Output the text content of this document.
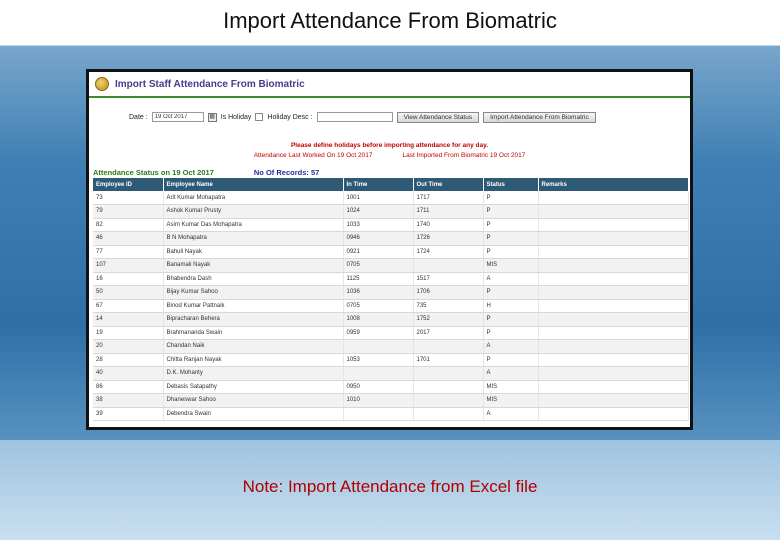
Import Attendance From Biomatric
Note: Import Attendance from Excel file
Import Staff Attendance From Biomatric
Date :
19 Oct 2017	▦ Is Holiday Holiday Desc :	View Attendance Status	Import Attendance From Biomatric
Please define holidays before importing attendance for any day.
Attendance Last Worked On 19 Oct 2017	Last Imported From Biomatric 19 Oct 2017
Attendance Status on 19 Oct 2017	No Of Records: 57
Employee ID	Employee Name	In Time	Out Time	Status	Remarks
73	Arit Kumar Mohapatra	1001	1717	P	
79	Ashok Kumar Prusty	1024	1711	P	
82	Asim Kumar Das Mohapatra	1033	1740	P	
46	B N Mohapatra	0946	1726	P	
77	Bahuli Nayak	0921	1724	P	
107	Banamali Nayak	0705		MIS	
16	Bhabendra Dash	1125	1517	A	
50	Bijay Kumar Sahoo	1036	1706	P	
67	Binod Kumar Pattnaik	0705	735	H	
14	Bipracharan Behera	1008	1752	P	
19	Brahmananda Swain	0959	2017	P	
20	Chandan Naik			A	
28	Chitta Ranjan Nayak	1053	1701	P	
40	D.K. Mohanty			A	
86	Debasis Satapathy	0950		MIS	
38	Dhaneswar Sahoo	1010		MIS	
39	Debendra Swain			A	
